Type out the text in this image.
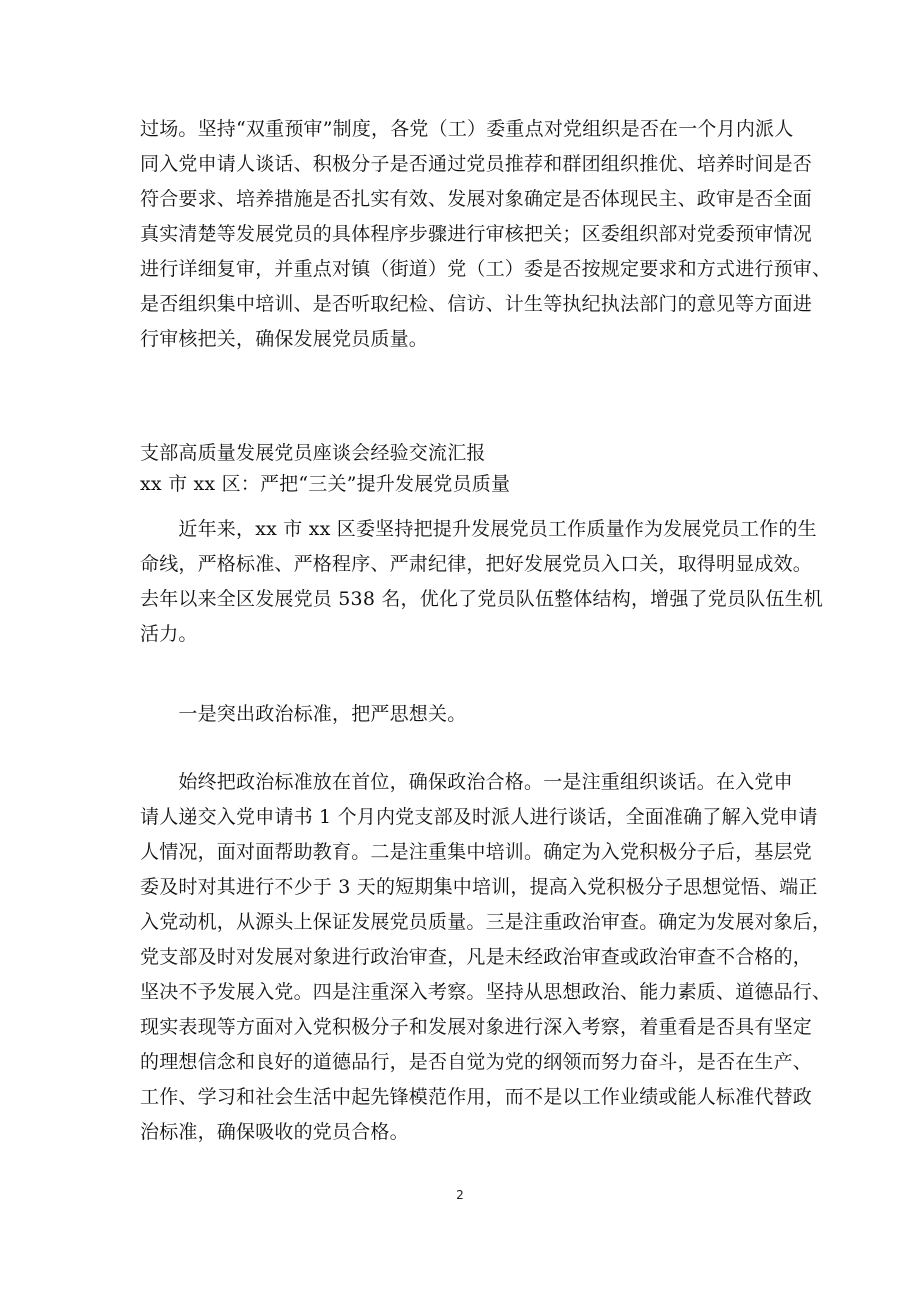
过场。坚持“双重预审”制度，各党（工）委重点对党组织是否在一个月内派人
同入党申请人谈话、积极分子是否通过党员推荐和群团组织推优、培养时间是否
符合要求、培养措施是否扎实有效、发展对象确定是否体现民主、政审是否全面
真实清楚等发展党员的具体程序步骤进行审核把关；区委组织部对党委预审情况
进行详细复审，并重点对镇（街道）党（工）委是否按规定要求和方式进行预审、
是否组织集中培训、是否听取纪检、信访、计生等执纪执法部门的意见等方面进
行审核把关，确保发展党员质量。
支部高质量发展党员座谈会经验交流汇报
xx 市 xx 区：严把“三关”提升发展党员质量
　　近年来，xx 市 xx 区委坚持把提升发展党员工作质量作为发展党员工作的生
命线，严格标准、严格程序、严肃纪律，把好发展党员入口关，取得明显成效。
去年以来全区发展党员 538 名，优化了党员队伍整体结构，增强了党员队伍生机
活力。
　　一是突出政治标准，把严思想关。
　　始终把政治标准放在首位，确保政治合格。一是注重组织谈话。在入党申
请人递交入党申请书 1 个月内党支部及时派人进行谈话，全面准确了解入党申请
人情况，面对面帮助教育。二是注重集中培训。确定为入党积极分子后，基层党
委及时对其进行不少于 3 天的短期集中培训，提高入党积极分子思想觉悟、端正
入党动机，从源头上保证发展党员质量。三是注重政治审查。确定为发展对象后，
党支部及时对发展对象进行政治审查，凡是未经政治审查或政治审查不合格的，
坚决不予发展入党。四是注重深入考察。坚持从思想政治、能力素质、道德品行、
现实表现等方面对入党积极分子和发展对象进行深入考察，着重看是否具有坚定
的理想信念和良好的道德品行，是否自觉为党的纲领而努力奋斗，是否在生产、
工作、学习和社会生活中起先锋模范作用，而不是以工作业绩或能人标准代替政
治标准，确保吸收的党员合格。
2
